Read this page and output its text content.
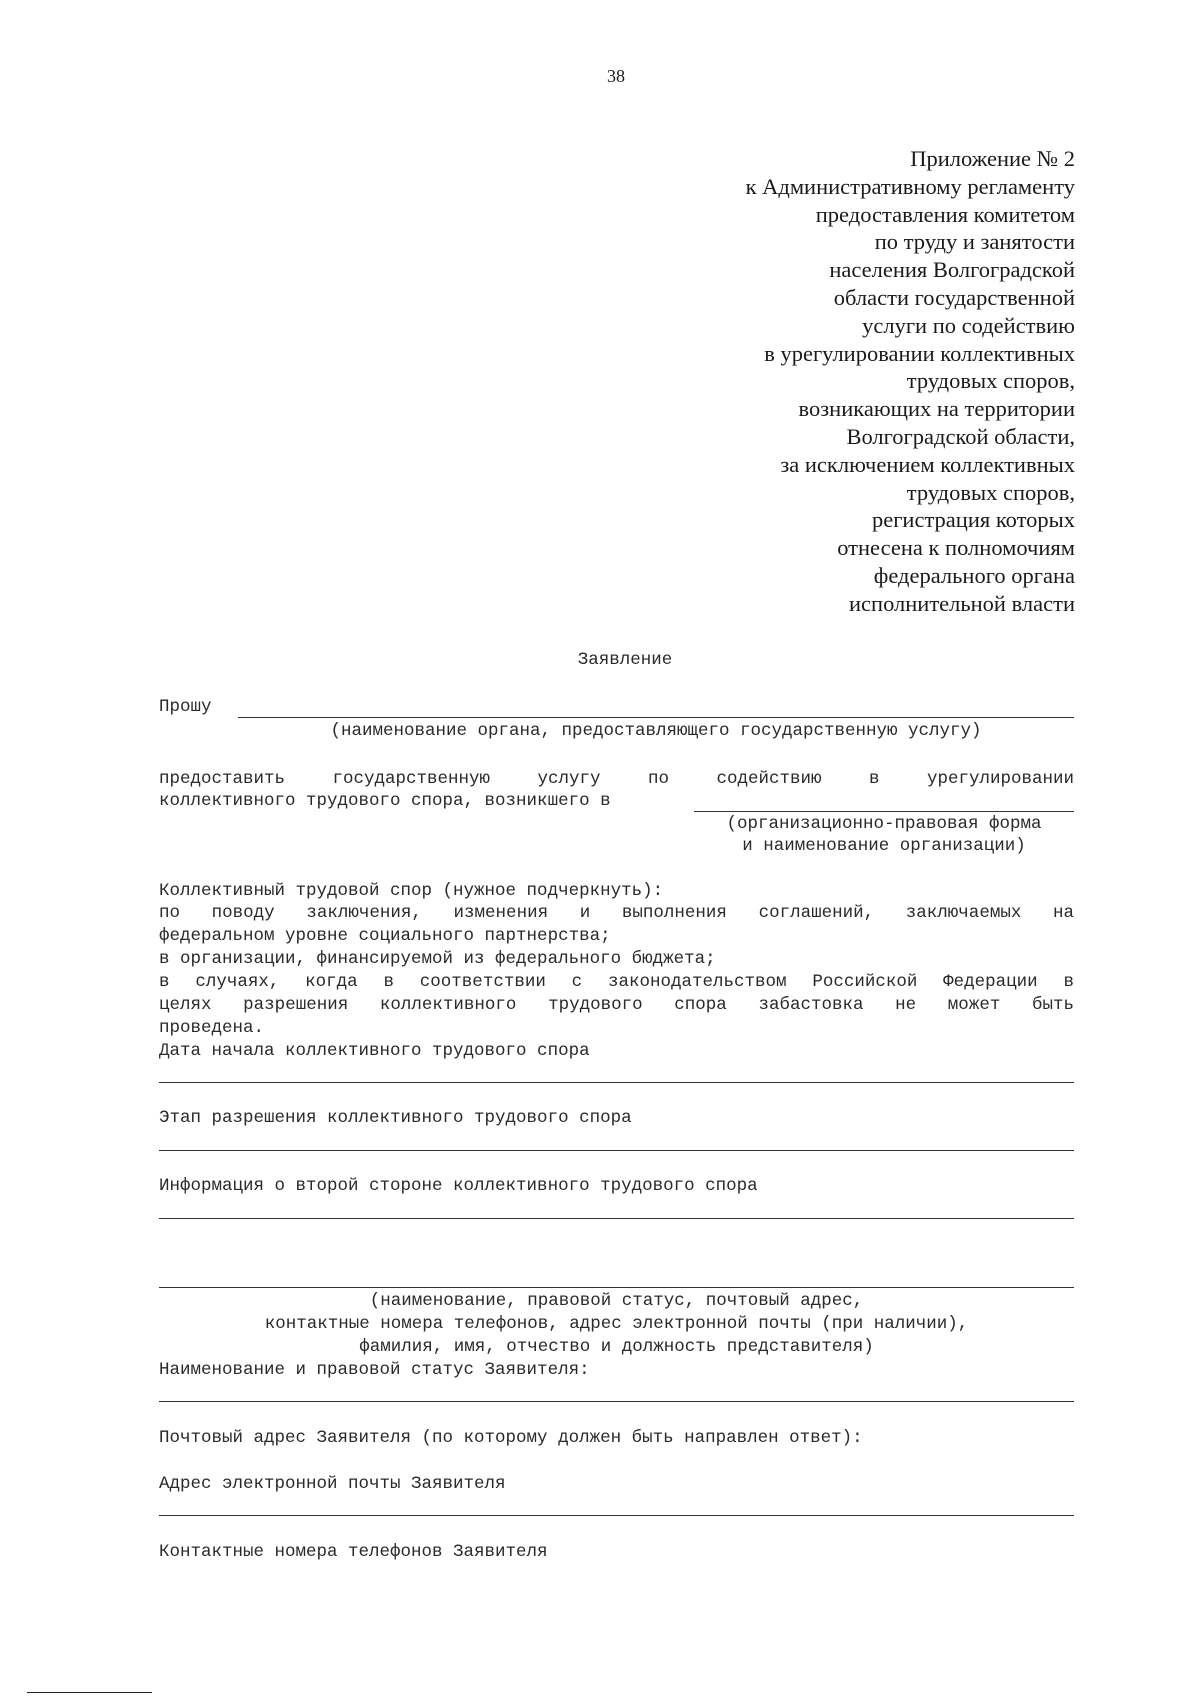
38
Приложение № 2
к Административному регламенту
предоставления комитетом
по труду и занятости
населения Волгоградской
области государственной
услуги по содействию
в урегулировании коллективных
трудовых споров,
возникающих на территории
Волгоградской области,
за исключением коллективных
трудовых споров,
регистрация которых
отнесена к полномочиям
федерального органа
исполнительной власти
Заявление
Прошу
(наименование органа, предоставляющего государственную услугу)
предоставить государственную услугу по содействию в урегулировании
коллективного трудового спора, возникшего в
(организационно-правовая форма
и наименование организации)
Коллективный трудовой спор (нужное подчеркнуть):
по поводу заключения, изменения и выполнения соглашений, заключаемых на
федеральном уровне социального партнерства;
в организации, финансируемой из федерального бюджета;
в случаях, когда в соответствии с законодательством Российской Федерации в
целях разрешения коллективного трудового спора забастовка не может быть
проведена.
Дата начала коллективного трудового спора
Этап разрешения коллективного трудового спора
Информация о второй стороне коллективного трудового спора
(наименование, правовой статус, почтовый адрес,
контактные номера телефонов, адрес электронной почты (при наличии),
фамилия, имя, отчество и должность представителя)
Наименование и правовой статус Заявителя:
Почтовый адрес Заявителя (по которому должен быть направлен ответ):
Адрес электронной почты Заявителя
Контактные номера телефонов Заявителя
